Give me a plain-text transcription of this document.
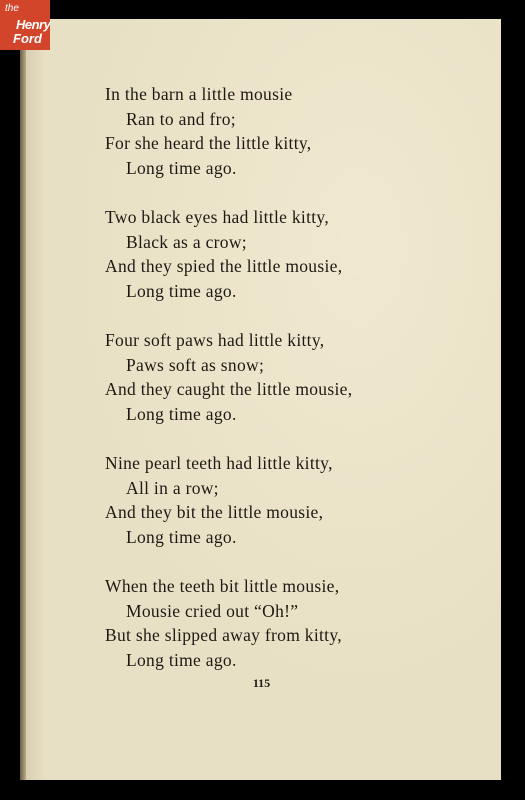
In the barn a little mousie
Ran to and fro;
For she heard the little kitty,
Long time ago.
Two black eyes had little kitty,
Black as a crow;
And they spied the little mousie,
Long time ago.
Four soft paws had little kitty,
Paws soft as snow;
And they caught the little mousie,
Long time ago.
Nine pearl teeth had little kitty,
All in a row;
And they bit the little mousie,
Long time ago.
When the teeth bit little mousie,
Mousie cried out “Oh!”
But she slipped away from kitty,
Long time ago.
115
the
Henry
Ford
